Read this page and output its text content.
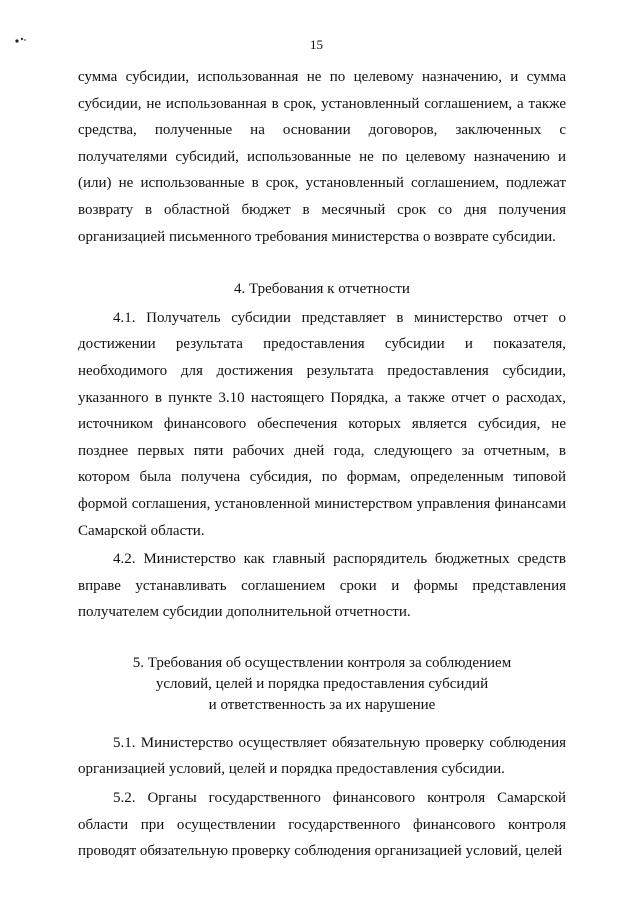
15

сумма субсидии, использованная не по целевому назначению, и сумма субсидии, не использованная в срок, установленный соглашением, а также средства, полученные на основании договоров, заключенных с получателями субсидий, использованные не по целевому назначению и (или) не использованные в срок, установленный соглашением, подлежат возврату в областной бюджет в месячный срок со дня получения организацией письменного требования министерства о возврате субсидии.

4. Требования к отчетности

4.1. Получатель субсидии представляет в министерство отчет о достижении результата предоставления субсидии и показателя, необходимого для достижения результата предоставления субсидии, указанного в пункте 3.10 настоящего Порядка, а также отчет о расходах, источником финансового обеспечения которых является субсидия, не позднее первых пяти рабочих дней года, следующего за отчетным, в котором была получена субсидия, по формам, определенным типовой формой соглашения, установленной министерством управления финансами Самарской области.

4.2. Министерство как главный распорядитель бюджетных средств вправе устанавливать соглашением сроки и формы представления получателем субсидии дополнительной отчетности.

5. Требования об осуществлении контроля за соблюдением
условий, целей и порядка предоставления субсидий
и ответственность за их нарушение

5.1. Министерство осуществляет обязательную проверку соблюдения организацией условий, целей и порядка предоставления субсидии.

5.2. Органы государственного финансового контроля Самарской области при осуществлении государственного финансового контроля проводят обязательную проверку соблюдения организацией условий, целей
